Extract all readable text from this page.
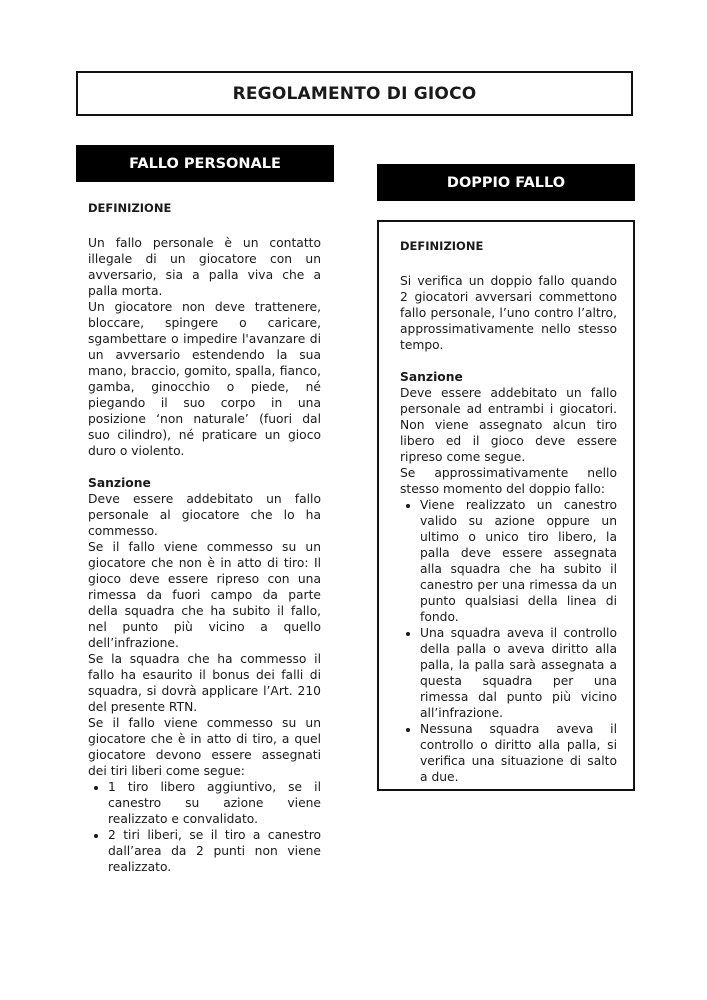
REGOLAMENTO DI GIOCO
FALLO PERSONALE
DEFINIZIONE

Un fallo personale è un contatto illegale di un giocatore con un avversario, sia a palla viva che a palla morta.

Un giocatore non deve trattenere, bloccare, spingere o caricare, sgambettare o impedire l'avanzare di un avversario estendendo la sua mano, braccio, gomito, spalla, fianco, gamba, ginocchio o piede, né piegando il suo corpo in una posizione ‘non naturale’ (fuori dal suo cilindro), né praticare un gioco duro o violento.

Sanzione

Deve essere addebitato un fallo personale al giocatore che lo ha commesso.

Se il fallo viene commesso su un giocatore che non è in atto di tiro: Il gioco deve essere ripreso con una rimessa da fuori campo da parte della squadra che ha subito il fallo, nel punto più vicino a quello dell’infrazione.

Se la squadra che ha commesso il fallo ha esaurito il bonus dei falli di squadra, si dovrà applicare l’Art. 210 del presente RTN.

Se il fallo viene commesso su un giocatore che è in atto di tiro, a quel giocatore devono essere assegnati dei tiri liberi come segue:

• 1 tiro libero aggiuntivo, se il canestro su azione viene realizzato e convalidato.
• 2 tiri liberi, se il tiro a canestro dall’area da 2 punti non viene realizzato.
DOPPIO FALLO
DEFINIZIONE

Si verifica un doppio fallo quando 2 giocatori avversari commettono fallo personale, l’uno contro l’altro, approssimativamente nello stesso tempo.

Sanzione

Deve essere addebitato un fallo personale ad entrambi i giocatori. Non viene assegnato alcun tiro libero ed il gioco deve essere ripreso come segue.

Se approssimativamente nello stesso momento del doppio fallo:

• Viene realizzato un canestro valido su azione oppure un ultimo o unico tiro libero, la palla deve essere assegnata alla squadra che ha subito il canestro per una rimessa da un punto qualsiasi della linea di fondo.
• Una squadra aveva il controllo della palla o aveva diritto alla palla, la palla sarà assegnata a questa squadra per una rimessa dal punto più vicino all’infrazione.
• Nessuna squadra aveva il controllo o diritto alla palla, si verifica una situazione di salto a due.
